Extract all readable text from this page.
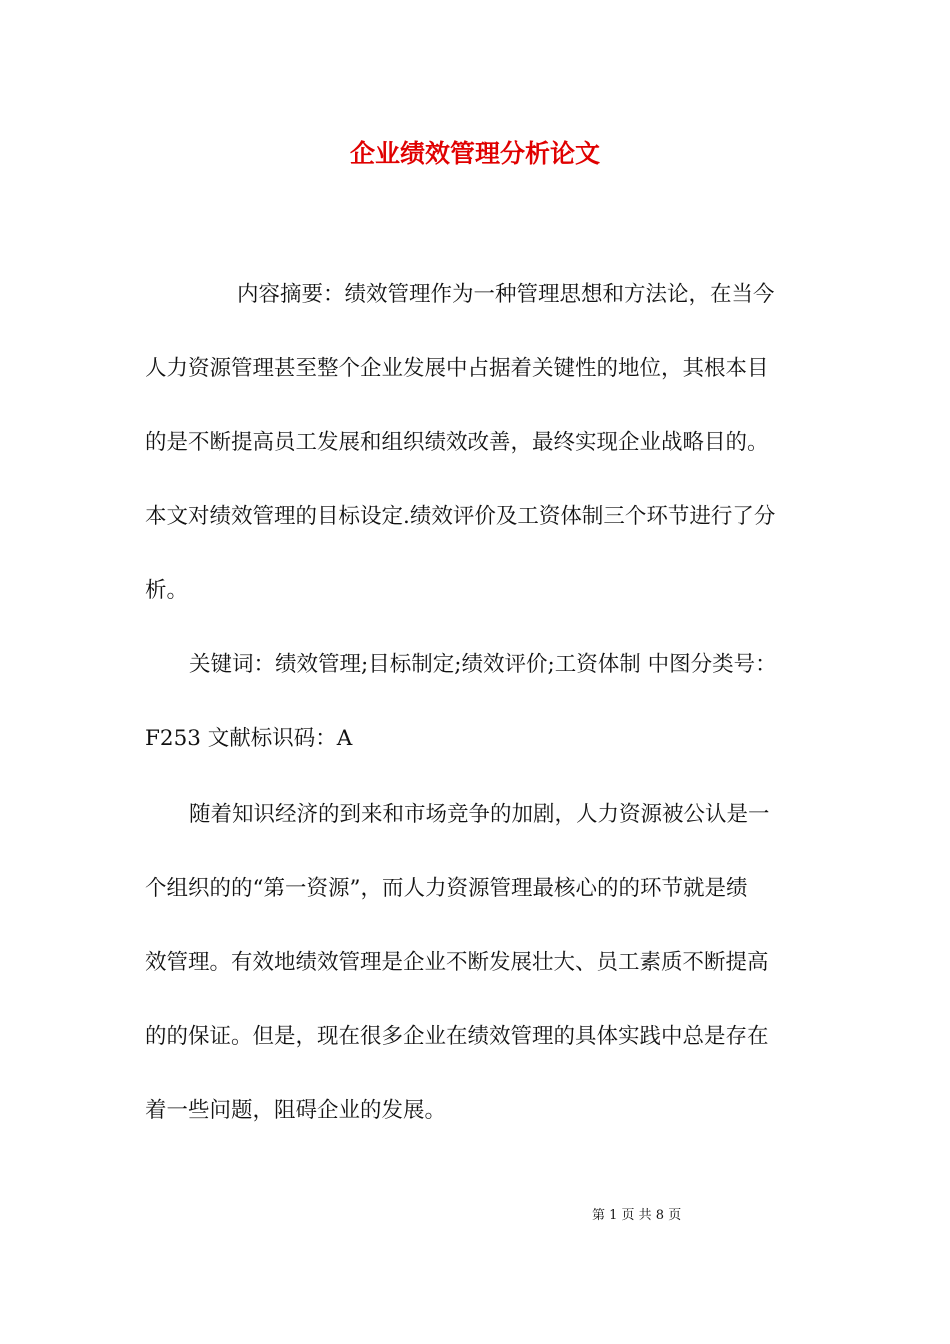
企业绩效管理分析论文
内容摘要：绩效管理作为一种管理思想和方法论，在当今
人力资源管理甚至整个企业发展中占据着关键性的地位，其根本目
的是不断提高员工发展和组织绩效改善，最终实现企业战略目的。
本文对绩效管理的目标设定.绩效评价及工资体制三个环节进行了分
析。
关键词：绩效管理;目标制定;绩效评价;工资体制 中图分类号：
F253 文献标识码：A
随着知识经济的到来和市场竞争的加剧，人力资源被公认是一
个组织的的“第一资源”，而人力资源管理最核心的的环节就是绩
效管理。有效地绩效管理是企业不断发展壮大、员工素质不断提高
的的保证。但是，现在很多企业在绩效管理的具体实践中总是存在
着一些问题，阻碍企业的发展。
第 1 页 共 8 页
